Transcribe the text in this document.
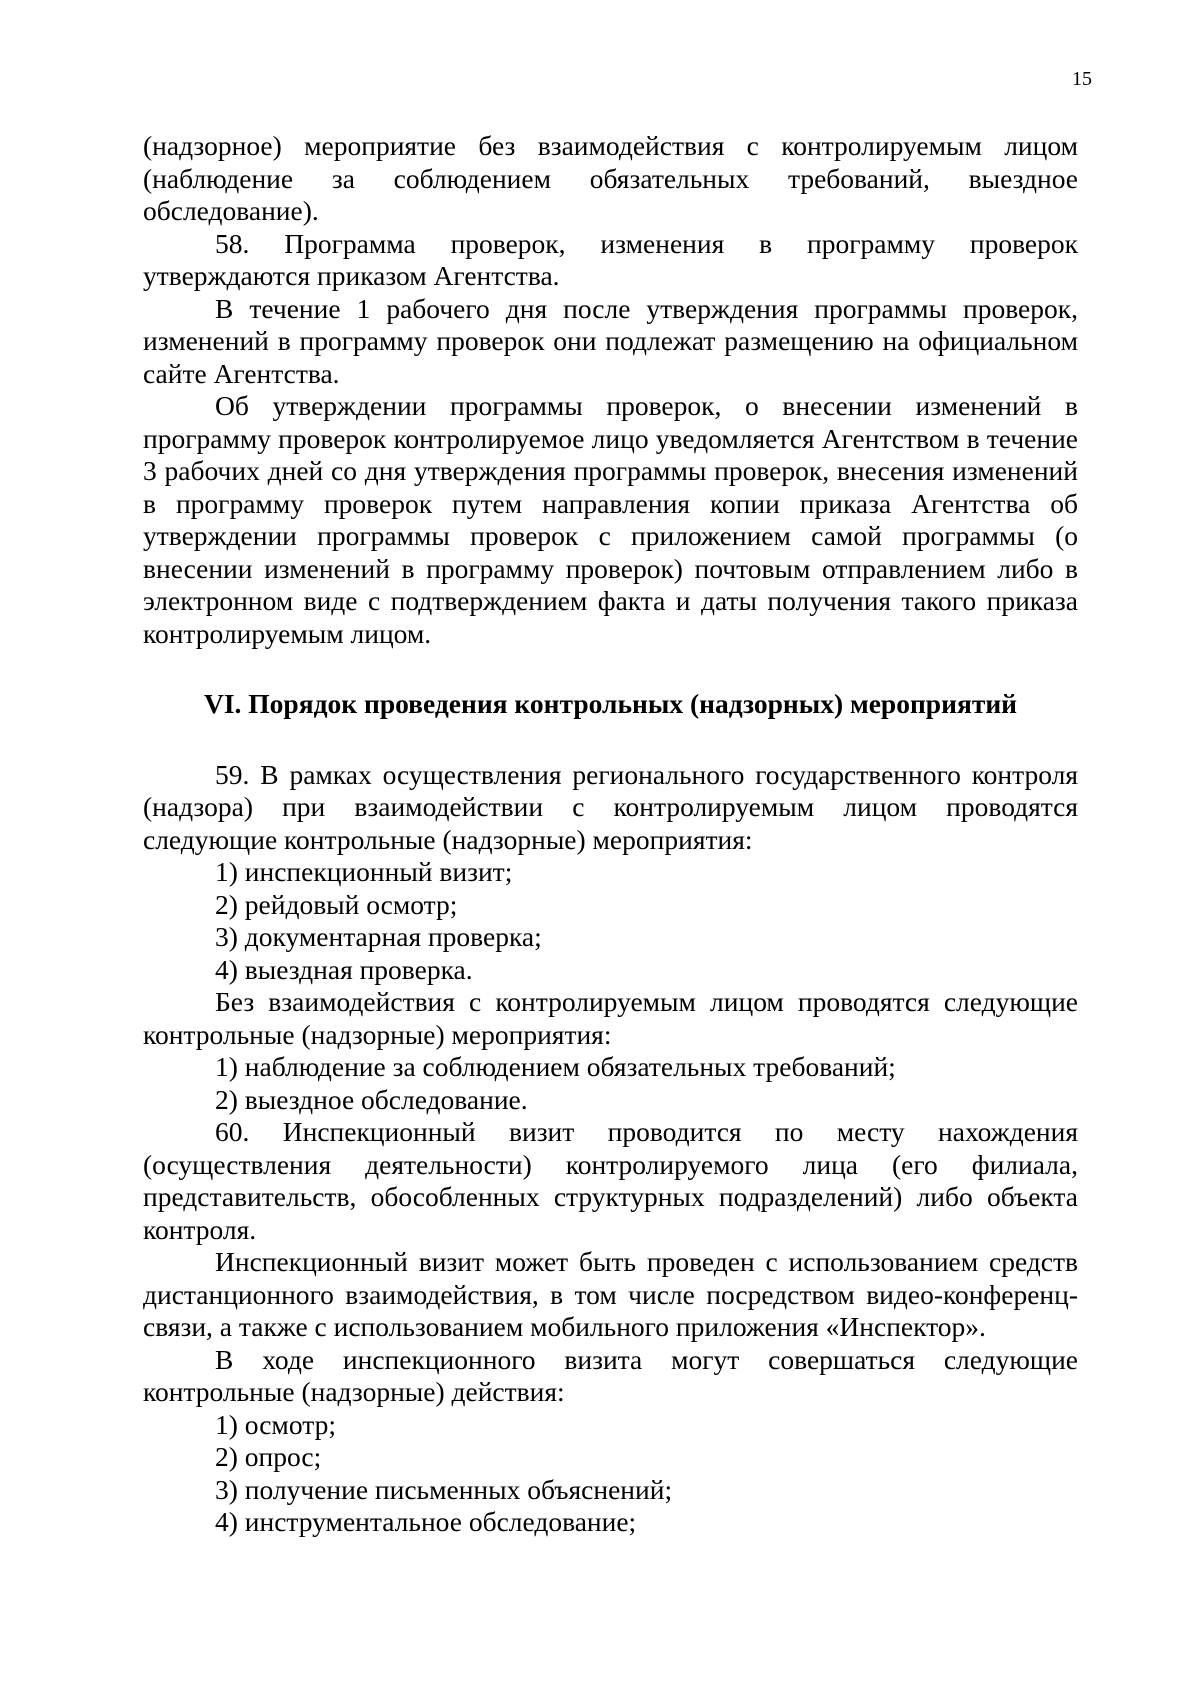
15

(надзорное) мероприятие без взаимодействия с контролируемым лицом (наблюдение за соблюдением обязательных требований, выездное обследование).

58. Программа проверок, изменения в программу проверок утверждаются приказом Агентства.

В течение 1 рабочего дня после утверждения программы проверок, изменений в программу проверок они подлежат размещению на официальном сайте Агентства.

Об утверждении программы проверок, о внесении изменений в программу проверок контролируемое лицо уведомляется Агентством в течение 3 рабочих дней со дня утверждения программы проверок, внесения изменений в программу проверок путем направления копии приказа Агентства об утверждении программы проверок с приложением самой программы (о внесении изменений в программу проверок) почтовым отправлением либо в электронном виде с подтверждением факта и даты получения такого приказа контролируемым лицом.

VI. Порядок проведения контрольных (надзорных) мероприятий

59. В рамках осуществления регионального государственного контроля (надзора) при взаимодействии с контролируемым лицом проводятся следующие контрольные (надзорные) мероприятия:

1) инспекционный визит;

2) рейдовый осмотр;

3) документарная проверка;

4) выездная проверка.

Без взаимодействия с контролируемым лицом проводятся следующие контрольные (надзорные) мероприятия:

1) наблюдение за соблюдением обязательных требований;

2) выездное обследование.

60. Инспекционный визит проводится по месту нахождения (осуществления деятельности) контролируемого лица (его филиала, представительств, обособленных структурных подразделений) либо объекта контроля.

Инспекционный визит может быть проведен с использованием средств дистанционного взаимодействия, в том числе посредством видео-конференц-связи, а также с использованием мобильного приложения «Инспектор».

В ходе инспекционного визита могут совершаться следующие контрольные (надзорные) действия:

1) осмотр;

2) опрос;

3) получение письменных объяснений;

4) инструментальное обследование;
